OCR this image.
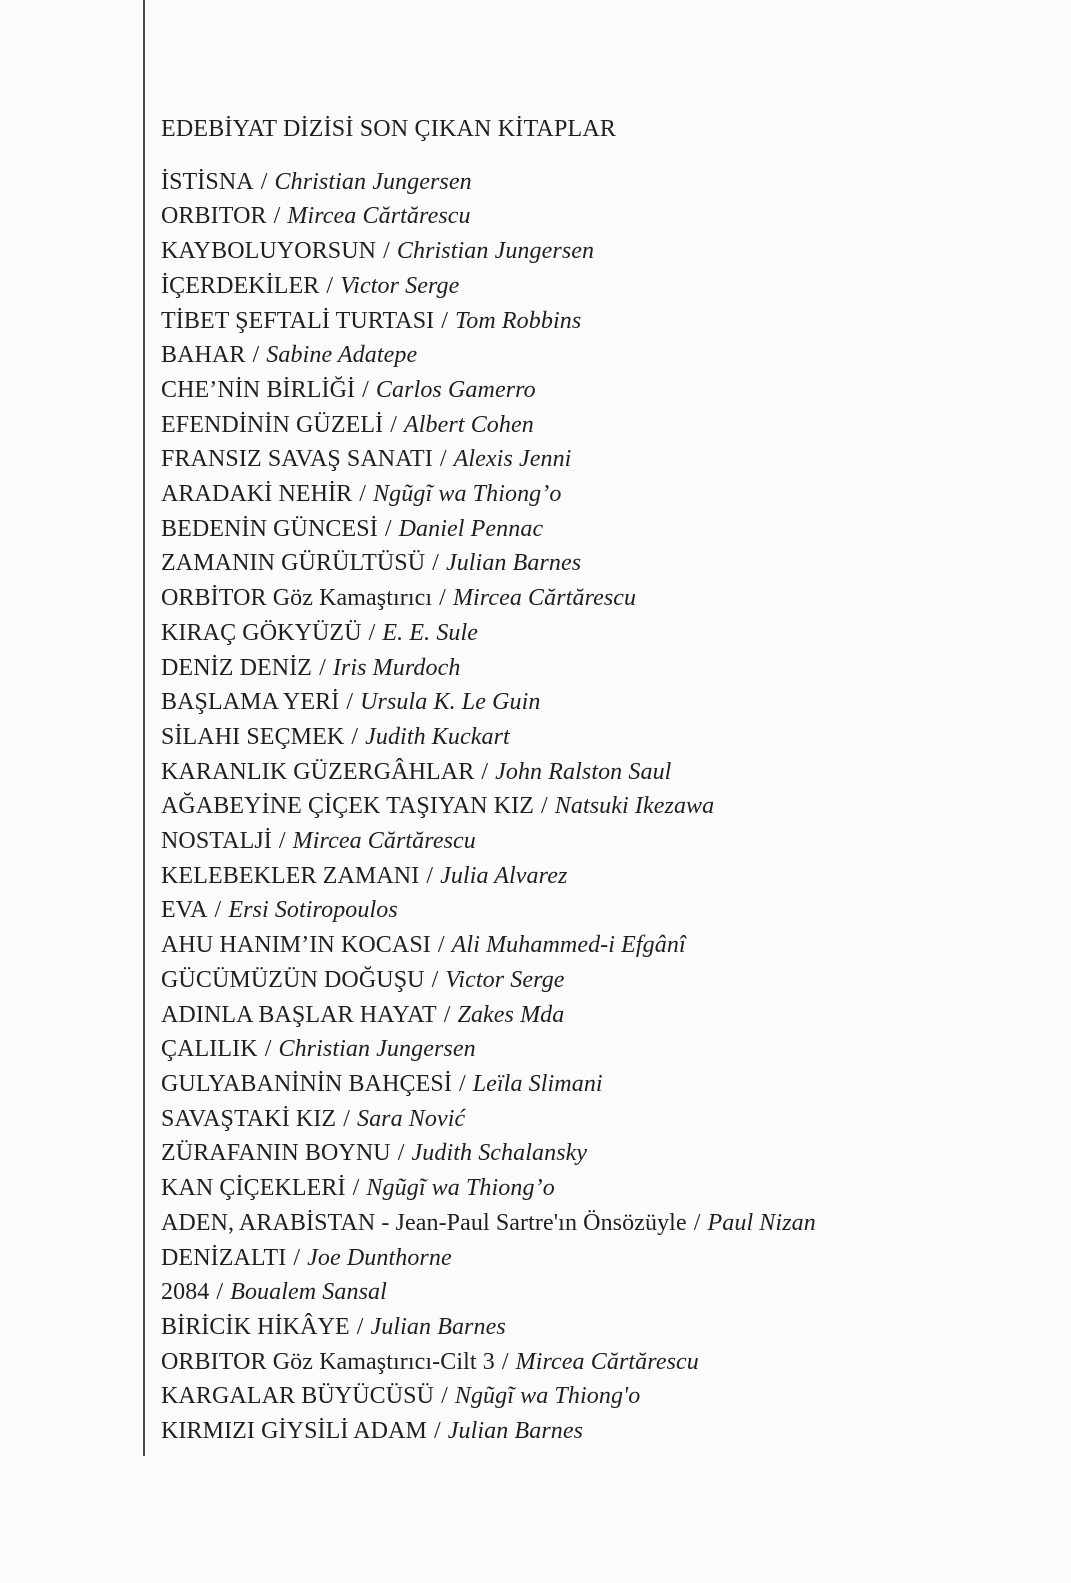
EDEBİYAT DİZİSİ SON ÇIKAN KİTAPLAR
İSTİSNA / Christian Jungersen
ORBITOR / Mircea Cărtărescu
KAYBOLUYORSUN / Christian Jungersen
İÇERDEKİLER / Victor Serge
TİBET ŞEFTALİ TURTASI / Tom Robbins
BAHAR / Sabine Adatepe
CHE’NİN BİRLİĞİ / Carlos Gamerro
EFENDİNİN GÜZELİ / Albert Cohen
FRANSIZ SAVAŞ SANATI / Alexis Jenni
ARADAKİ NEHİR / Ngũgĩ wa Thiong’o
BEDENİN GÜNCESİ / Daniel Pennac
ZAMANIN GÜRÜLTÜSÜ / Julian Barnes
ORBİTOR Göz Kamaştırıcı / Mircea Cărtărescu
KIRAÇ GÖKYÜZÜ / E. E. Sule
DENİZ DENİZ / Iris Murdoch
BAŞLAMA YERİ / Ursula K. Le Guin
SİLAHI SEÇMEK / Judith Kuckart
KARANLIK GÜZERGÂHLAR / John Ralston Saul
AĞABEYİNE ÇİÇEK TAŞIYAN KIZ / Natsuki Ikezawa
NOSTALJİ / Mircea Cărtărescu
KELEBEKLER ZAMANI / Julia Alvarez
EVA / Ersi Sotiropoulos
AHU HANIM’IN KOCASI / Ali Muhammed-i Efgânî
GÜCÜMÜZÜN DOĞUŞU / Victor Serge
ADINLA BAŞLAR HAYAT / Zakes Mda
ÇALILIK / Christian Jungersen
GULYABANİNİN BAHÇESİ / Leïla Slimani
SAVAŞTAKİ KIZ / Sara Nović
ZÜRAFANIN BOYNU / Judith Schalansky
KAN ÇİÇEKLERİ / Ngũgĩ wa Thiong’o
ADEN, ARABİSTAN - Jean-Paul Sartre'ın Önsözüyle / Paul Nizan
DENİZALTI / Joe Dunthorne
2084 / Boualem Sansal
BİRİCİK HİKÂYE / Julian Barnes
ORBITOR Göz Kamaştırıcı-Cilt 3 / Mircea Cărtărescu
KARGALAR BÜYÜCÜSÜ / Ngũgĩ wa Thiong'o
KIRMIZI GİYSİLİ ADAM / Julian Barnes
